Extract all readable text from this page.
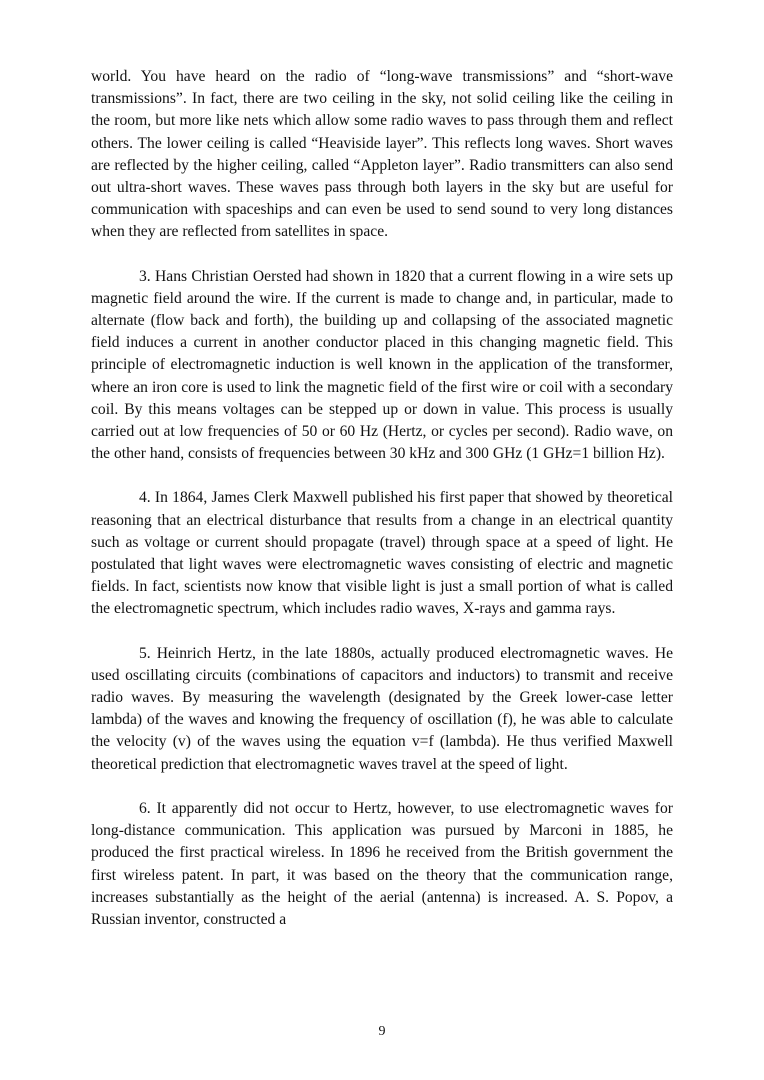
world. You have heard on the radio of “long-wave transmissions” and “short-wave transmissions”. In fact, there are two ceiling in the sky, not solid ceiling like the ceiling in the room, but more like nets which allow some radio waves to pass through them and reflect others. The lower ceiling is called “Heaviside layer”. This reflects long waves. Short waves are reflected by the higher ceiling, called “Appleton layer”. Radio transmitters can also send out ultra-short waves. These waves pass through both layers in the sky but are useful for communication with spaceships and can even be used to send sound to very long distances when they are reflected from satellites in space.

3. Hans Christian Oersted had shown in 1820 that a current flowing in a wire sets up magnetic field around the wire. If the current is made to change and, in particular, made to alternate (flow back and forth), the building up and collapsing of the associated magnetic field induces a current in another conductor placed in this changing magnetic field. This principle of electromagnetic induction is well known in the application of the transformer, where an iron core is used to link the magnetic field of the first wire or coil with a secondary coil. By this means voltages can be stepped up or down in value. This process is usually carried out at low frequencies of 50 or 60 Hz (Hertz, or cycles per second). Radio wave, on the other hand, consists of frequencies between 30 kHz and 300 GHz (1 GHz=1 billion Hz).

4. In 1864, James Clerk Maxwell published his first paper that showed by theoretical reasoning that an electrical disturbance that results from a change in an electrical quantity such as voltage or current should propagate (travel) through space at a speed of light. He postulated that light waves were electromagnetic waves consisting of electric and magnetic fields. In fact, scientists now know that visible light is just a small portion of what is called the electromagnetic spectrum, which includes radio waves, X-rays and gamma rays.

5. Heinrich Hertz, in the late 1880s, actually produced electromagnetic waves. He used oscillating circuits (combinations of capacitors and inductors) to transmit and receive radio waves. By measuring the wavelength (designated by the Greek lower-case letter lambda) of the waves and knowing the frequency of oscillation (f), he was able to calculate the velocity (v) of the waves using the equation v=f (lambda). He thus verified Maxwell theoretical prediction that electromagnetic waves travel at the speed of light.

6. It apparently did not occur to Hertz, however, to use electromagnetic waves for long-distance communication. This application was pursued by Marconi in 1885, he produced the first practical wireless. In 1896 he received from the British government the first wireless patent. In part, it was based on the theory that the communication range, increases substantially as the height of the aerial (antenna) is increased. A. S. Popov, a Russian inventor, constructed a

9
